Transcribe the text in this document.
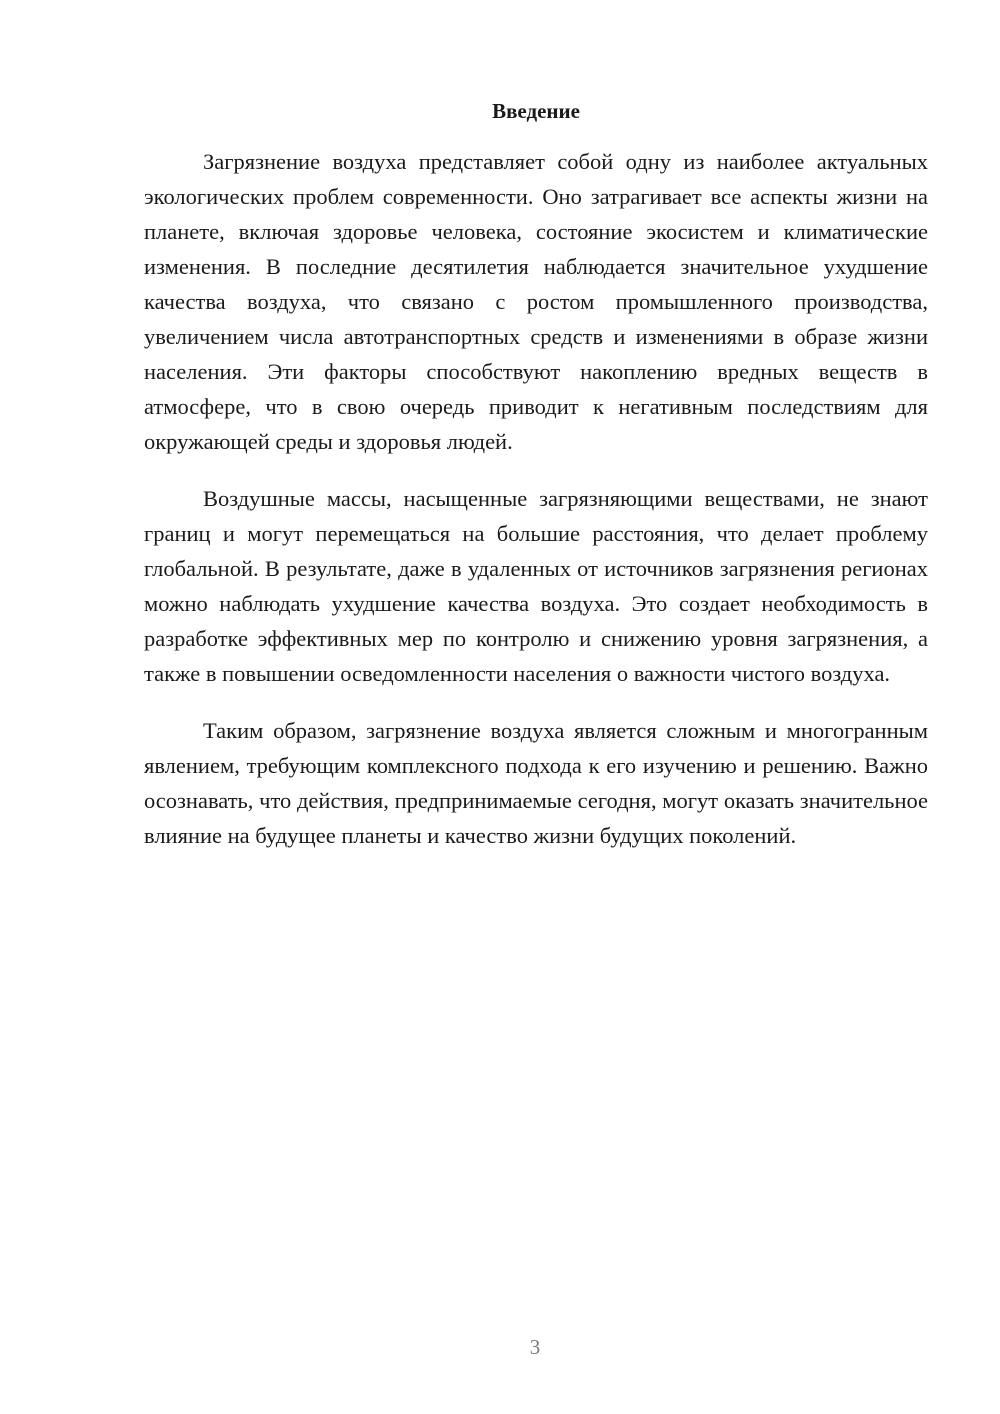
Введение

Загрязнение воздуха представляет собой одну из наиболее актуальных экологических проблем современности. Оно затрагивает все аспекты жизни на планете, включая здоровье человека, состояние экосистем и климатические изменения. В последние десятилетия наблюдается значительное ухудшение качества воздуха, что связано с ростом промышленного производства, увеличением числа автотранспортных средств и изменениями в образе жизни населения. Эти факторы способствуют накоплению вредных веществ в атмосфере, что в свою очередь приводит к негативным последствиям для окружающей среды и здоровья людей.

Воздушные массы, насыщенные загрязняющими веществами, не знают границ и могут перемещаться на большие расстояния, что делает проблему глобальной. В результате, даже в удаленных от источников загрязнения регионах можно наблюдать ухудшение качества воздуха. Это создает необходимость в разработке эффективных мер по контролю и снижению уровня загрязнения, а также в повышении осведомленности населения о важности чистого воздуха.

Таким образом, загрязнение воздуха является сложным и многогранным явлением, требующим комплексного подхода к его изучению и решению. Важно осознавать, что действия, предпринимаемые сегодня, могут оказать значительное влияние на будущее планеты и качество жизни будущих поколений.

3
